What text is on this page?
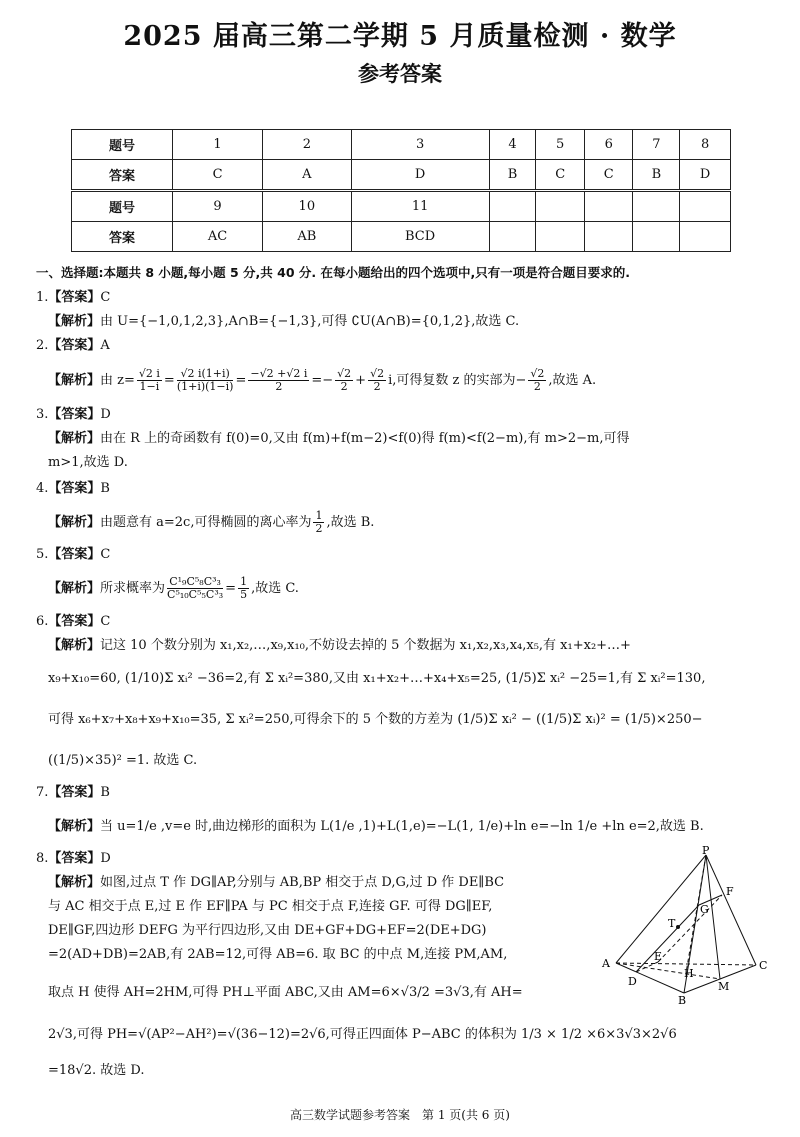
2025 届高三第二学期 5 月质量检测 · 数学
参考答案
题号	1	2	3	4	5	6	7	8
答案	C	A	D	B	C	C	B	D
题号	9	10	11					
答案	AC	AB	BCD					
一、选择题:本题共 8 小题,每小题 5 分,共 40 分. 在每小题给出的四个选项中,只有一项是符合题目要求的.
1.【答案】C
【解析】由 U={−1,0,1,2,3},A∩B={−1,3},可得 ∁U(A∩B)={0,1,2},故选 C.
2.【答案】A
【解析】由 $z= \frac{√2 i}{1-i} = \frac{√2 i(1+i)}{(1+i)(1-i)} = \frac{-√2 +√2 i}{2} =- \frac{√2}{2} + \frac{√2}{2} i$,可得复数 z 的实部为− $\frac{√2}{2}$ ,故选 A.
3.【答案】D
【解析】由在 R 上的奇函数有 f(0)=0,又由 f(m)+f(m−2)<f(0)得 f(m)<f(2−m),有 m>2−m,可得
m>1,故选 D.
4.【答案】B
【解析】由题意有 a=2c,可得椭圆的离心率为 $\frac{1}{2}$ ,故选 B.
5.【答案】C
【解析】所求概率为 $\frac{\text{C¹₉C⁵₈C³₃}}{\text{C⁵₁₀C⁵₅C³₃}} = \frac{1}{5}$ ,故选 C.
6.【答案】C
【解析】记这 10 个数分别为 x₁,x₂,…,x₉,x₁₀,不妨设去掉的 5 个数据为 x₁,x₂,x₃,x₄,x₅,有 x₁+x₂+…+
x₉+x₁₀=60, (1/10)Σ xᵢ² −36=2,有 Σ xᵢ²=380,又由 x₁+x₂+…+x₄+x₅=25, (1/5)Σ xᵢ² −25=1,有 Σ xᵢ²=130,
可得 x₆+x₇+x₈+x₉+x₁₀=35, Σ xᵢ²=250,可得余下的 5 个数的方差为 (1/5)Σ xᵢ² − ((1/5)Σ xᵢ)² = (1/5)×250−
((1/5)×35)² =1. 故选 C.
7.【答案】B
【解析】当 u=1/e ,v=e 时,曲边梯形的面积为 L(1/e ,1)+L(1,e)=−L(1, 1/e)+ln e=−ln 1/e +ln e=2,故选 B.
8.【答案】D
【解析】如图,过点 T 作 DG∥AP,分别与 AB,BP 相交于点 D,G,过 D 作 DE∥BC
与 AC 相交于点 E,过 E 作 EF∥PA 与 PC 相交于点 F,连接 GF. 可得 DG∥EF,
DE∥GF,四边形 DEFG 为平行四边形,又由 DE+GF+DG+EF=2(DE+DG)
=2(AD+DB)=2AB,有 2AB=12,可得 AB=6. 取 BC 的中点 M,连接 PM,AM,
取点 H 使得 AH=2HM,可得 PH⊥平面 ABC,又由 AM=6×√3/2 =3√3,有 AH=
2√3,可得 PH=√(AP²−AH²)=√(36−12)=2√6,可得正四面体 P−ABC 的体积为 1/3 × 1/2 ×6×3√3×2√6
=18√2. 故选 D.
P
F
G
T
E
A	C
D
H
M
B
高三数学试题参考答案　第 1 页(共 6 页)
